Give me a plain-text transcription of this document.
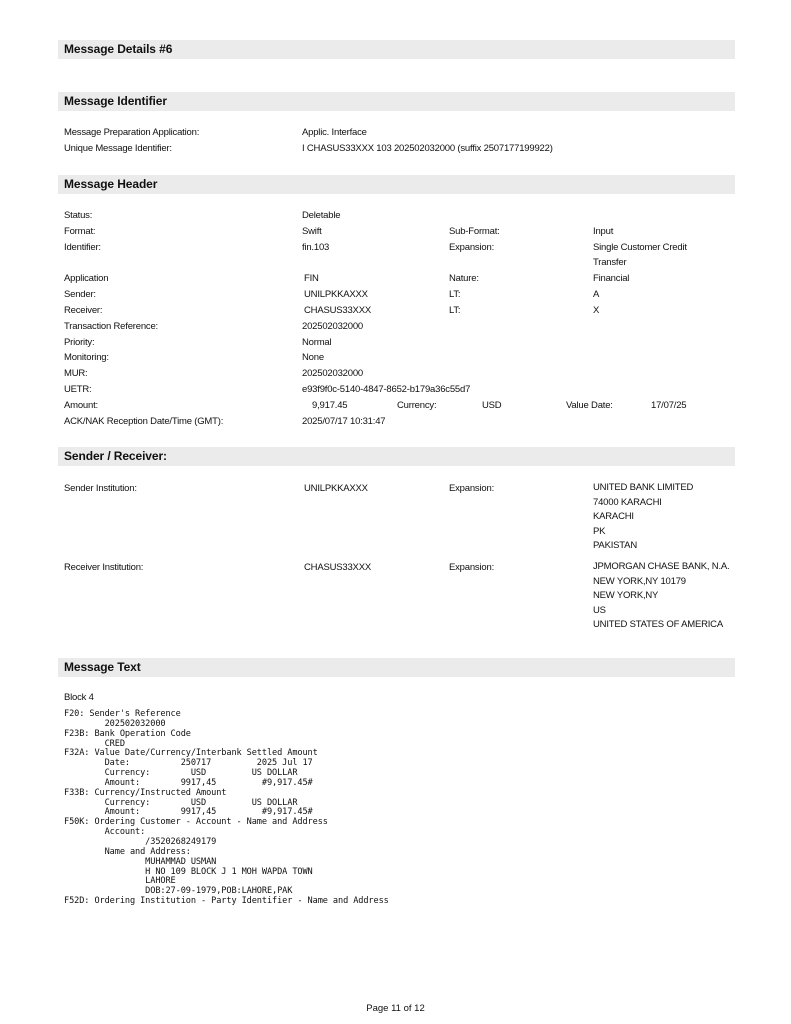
Message Details #6
Message Identifier
Message Preparation Application:	Applic. Interface
Unique Message Identifier:	I CHASUS33XXX 103 202502032000 (suffix 2507177199922)
Message Header
Status:	Deletable
Format:	Swift	Sub-Format:	Input
Identifier:	fin.103	Expansion:	Single Customer Credit
Transfer
Application	FIN	Nature:	Financial
Sender:	UNILPKKAXXX	LT:	A
Receiver:	CHASUS33XXX	LT:	X
Transaction Reference:	202502032000
Priority:	Normal
Monitoring:	None
MUR:	202502032000
UETR:	e93f9f0c-5140-4847-8652-b179a36c55d7
Amount:	9,917.45	Currency:	USD	Value Date:	17/07/25
ACK/NAK Reception Date/Time (GMT):	2025/07/17 10:31:47
Sender / Receiver:
Sender Institution:	UNILPKKAXXX	Expansion:	UNITED BANK LIMITED
74000 KARACHI
KARACHI
PK
PAKISTAN
Receiver Institution:	CHASUS33XXX	Expansion:	JPMORGAN CHASE BANK, N.A.
NEW YORK,NY 10179
NEW YORK,NY
US
UNITED STATES OF AMERICA
Message Text
Block 4
F20: Sender's Reference
202502032000
F23B: Bank Operation Code
CRED
F32A: Value Date/Currency/Interbank Settled Amount
Date:          250717         2025 Jul 17
Currency:        USD         US DOLLAR
Amount:        9917,45         #9,917.45#
F33B: Currency/Instructed Amount
Currency:        USD         US DOLLAR
Amount:        9917,45         #9,917.45#
F50K: Ordering Customer - Account - Name and Address
Account:
/3520268249179
Name and Address:
MUHAMMAD USMAN
H NO 109 BLOCK J 1 MOH WAPDA TOWN
LAHORE
DOB:27-09-1979,POB:LAHORE,PAK
F52D: Ordering Institution - Party Identifier - Name and Address
Page 11 of 12
